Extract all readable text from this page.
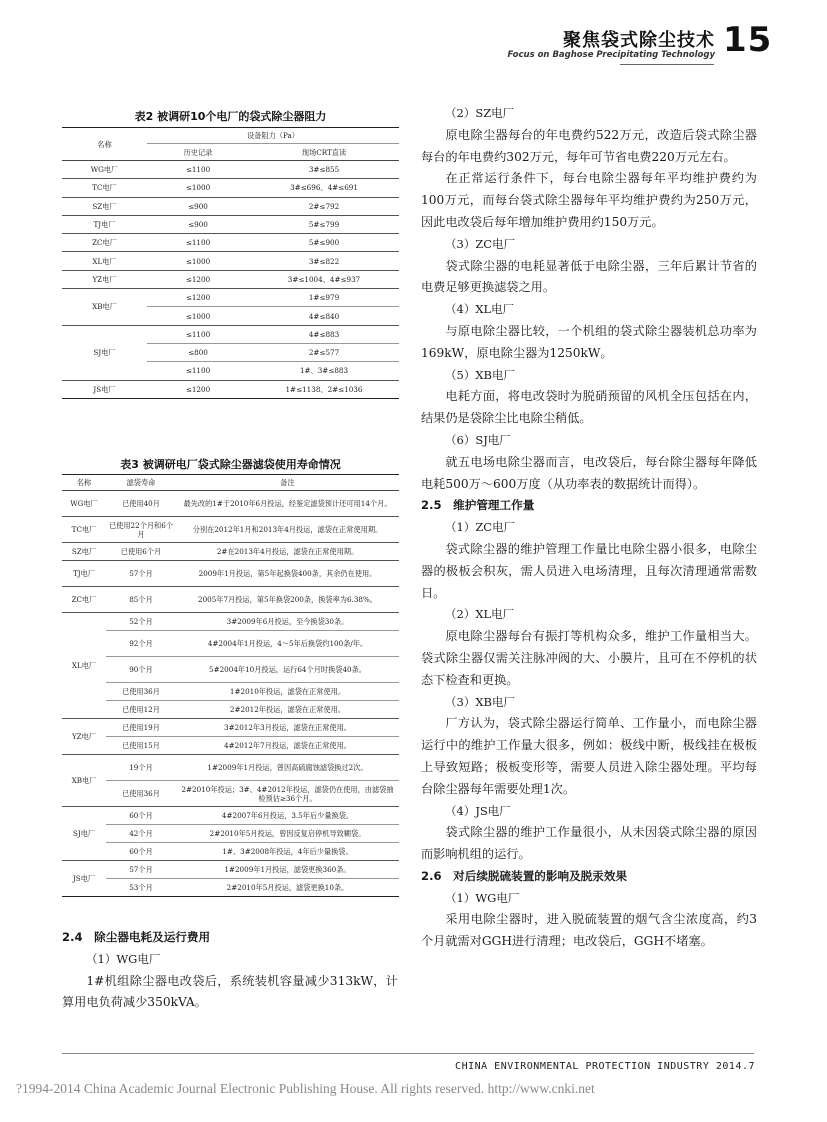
聚焦袋式除尘技术
Focus on Baghose Precipitating Technology 15
表2 被调研10个电厂的袋式除尘器阻力
名称	设备阻力（Pa）	
	历史记录	现场CRT直读
WG电厂	≤1100	3#≤855
TC电厂	≤1000	3#≤696、4#≤691
SZ电厂	≤900	2#≤792
TJ电厂	≤900	5#≤799
ZC电厂	≤1100	5#≤900
XL电厂	≤1000	3#≤822
YZ电厂	≤1200	3#≤1004、4#≤937
XB电厂	≤1200	1#≤979
	≤1000	4#≤840
SJ电厂	≤1100	4#≤883
	≤800	2#≤577
	≤1100	1#、3#≤883
JS电厂	≤1200	1#≤1138、2#≤1036
表3 被调研电厂袋式除尘器滤袋使用寿命情况
名称	滤袋寿命	备注
WG电厂	已使用40月	最先改的1#于2010年6月投运，经鉴定滤袋预计还可用14个月。
TC电厂	已使用22个月和6个月	分别在2012年1月和2013年4月投运，滤袋在正常使用期。
SZ电厂	已使用6个月	2#在2013年4月投运，滤袋在正常使用期。
TJ电厂	57个月	2009年1月投运，第5年起换袋400条，其余仍在使用。
ZC电厂	85个月	2005年7月投运，第5年换袋200条，换袋率为6.38%。
XL电厂	52个月	3#2009年6月投运，至今换袋30条。
	92个月	4#2004年1月投运，4～5年后换袋约100条/年。
	90个月	5#2004年10月投运，运行64个月时换袋40条。
	已使用36月	1#2010年投运，滤袋在正常使用。
	已使用12月	2#2012年投运，滤袋在正常使用。
YZ电厂	已使用19月	3#2012年3月投运，滤袋在正常使用。
	已使用15月	4#2012年7月投运，滤袋在正常使用。
XB电厂	19个月	1#2009年1月投运，曾因高硫腐蚀滤袋换过2次。
	已使用36月	2#2010年投运；3#、4#2012年投运，滤袋仍在使用，由滤袋抽检预估≥36个月。
SJ电厂	60个月	4#2007年6月投运，3.5年后少量换袋。
	42个月	2#2010年5月投运，曾因反复启停机导致糊袋。
	60个月	1#、3#2008年投运，4年后少量换袋。
JS电厂	57个月	1#2009年1月投运，滤袋更换360条。
	53个月	2#2010年5月投运，滤袋更换10条。
2.4　除尘器电耗及运行费用

（1）WG电厂

1#机组除尘器电改袋后，系统装机容量减少313kW，计算用电负荷减少350kVA。

（2）SZ电厂

原电除尘器每台的年电费约522万元，改造后袋式除尘器每台的年电费约302万元，每年可节省电费220万元左右。

在正常运行条件下，每台电除尘器每年平均维护费约为100万元，而每台袋式除尘器每年平均维护费约为250万元，因此电改袋后每年增加维护费用约150万元。

（3）ZC电厂

袋式除尘器的电耗显著低于电除尘器，三年后累计节省的电费足够更换滤袋之用。

（4）XL电厂

与原电除尘器比较，一个机组的袋式除尘器装机总功率为169kW，原电除尘器为1250kW。

（5）XB电厂

电耗方面，将电改袋时为脱硝预留的风机全压包括在内，结果仍是袋除尘比电除尘稍低。

（6）SJ电厂

就五电场电除尘器而言，电改袋后，每台除尘器每年降低电耗500万～600万度（从功率表的数据统计而得）。

2.5　维护管理工作量

（1）ZC电厂

袋式除尘器的维护管理工作量比电除尘器小很多，电除尘器的极板会积灰，需人员进入电场清理，且每次清理通常需数日。

（2）XL电厂

原电除尘器每台有振打等机构众多，维护工作量相当大。袋式除尘器仅需关注脉冲阀的大、小膜片，且可在不停机的状态下检查和更换。

（3）XB电厂

厂方认为，袋式除尘器运行简单、工作量小，而电除尘器运行中的维护工作量大很多，例如：极线中断，极线挂在极板上导致短路；极板变形等，需要人员进入除尘器处理。平均每台除尘器每年需要处理1次。

（4）JS电厂

袋式除尘器的维护工作量很小，从未因袋式除尘器的原因而影响机组的运行。

2.6　对后续脱硫装置的影响及脱汞效果

（1）WG电厂

采用电除尘器时，进入脱硫装置的烟气含尘浓度高，约3个月就需对GGH进行清理；电改袋后，GGH不堵塞。

CHINA ENVIRONMENTAL PROTECTION INDUSTRY 2014.7
?1994-2014 China Academic Journal Electronic Publishing House. All rights reserved. http://www.cnki.net
